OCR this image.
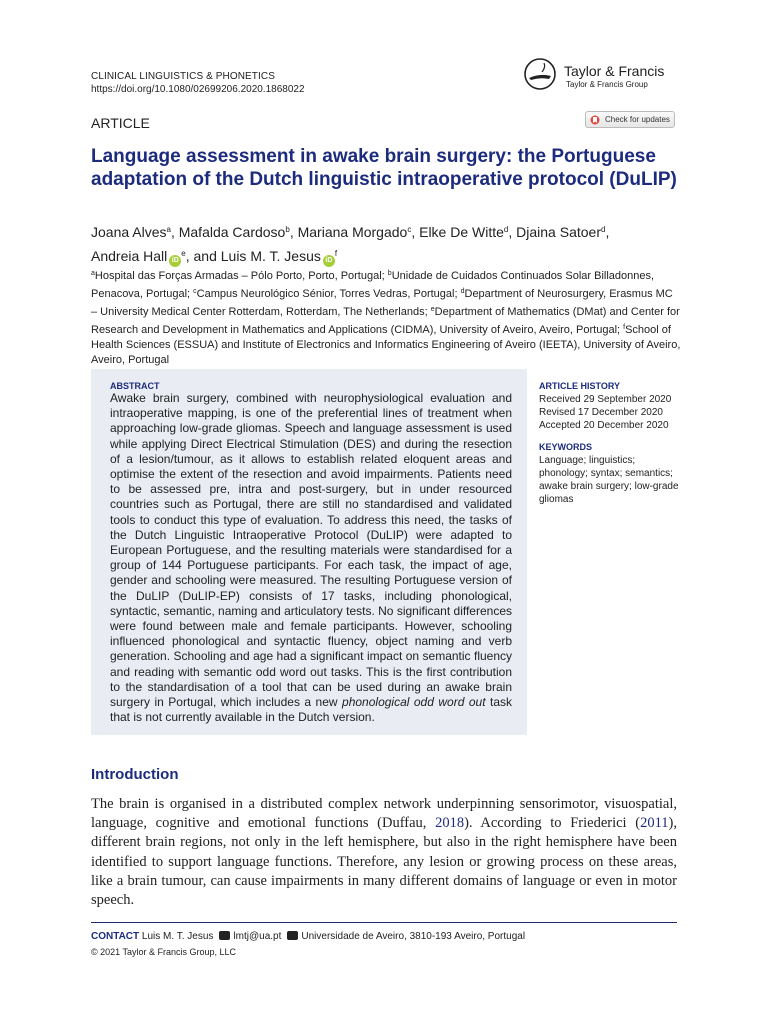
CLINICAL LINGUISTICS & PHONETICS
https://doi.org/10.1080/02699206.2020.1868022
Taylor & Francis
Taylor & Francis Group
ARTICLE	Check for updates
Language assessment in awake brain surgery: the Portuguese adaptation of the Dutch linguistic intraoperative protocol (DuLIP)
Joana Alves$^a$, Mafalda Cardoso$^b$, Mariana Morgado$^c$, Elke De Witte$^d$, Djaina Satoer$^d$,
Andreia Hall $iD^e$, and Luis M. T. Jesus $iD^f$
$^a$Hospital das Forças Armadas – Pólo Porto, Porto, Portugal; $^b$Unidade de Cuidados Continuados Solar Billadonnes, Penacova, Portugal; $^c$Campus Neurológico Sénior, Torres Vedras, Portugal; $^d$Department of Neurosurgery, Erasmus MC – University Medical Center Rotterdam, Rotterdam, The Netherlands; $^e$Department of Mathematics (DMat) and Center for Research and Development in Mathematics and Applications (CIDMA), University of Aveiro, Aveiro, Portugal; $^f$School of Health Sciences (ESSUA) and Institute of Electronics and Informatics Engineering of Aveiro (IEETA), University of Aveiro, Aveiro, Portugal
ABSTRACT
Awake brain surgery, combined with neurophysiological evaluation and intraoperative mapping, is one of the preferential lines of treatment when approaching low-grade gliomas. Speech and language assessment is used while applying Direct Electrical Stimulation (DES) and during the resection of a lesion/tumour, as it allows to establish related eloquent areas and optimise the extent of the resection and avoid impairments. Patients need to be assessed pre, intra and post-surgery, but in under resourced countries such as Portugal, there are still no standardised and validated tools to conduct this type of evaluation. To address this need, the tasks of the Dutch Linguistic Intraoperative Protocol (DuLIP) were adapted to European Portuguese, and the resulting materials were standardised for a group of 144 Portuguese participants. For each task, the impact of age, gender and schooling were measured. The resulting Portuguese version of the DuLIP (DuLIP-EP) consists of 17 tasks, including phonological, syntactic, semantic, naming and articulatory tests. No significant differences were found between male and female participants. However, schooling influenced phonological and syntactic fluency, object naming and verb generation. Schooling and age had a significant impact on semantic fluency and reading with semantic odd word out tasks. This is the first contribution to the standardisation of a tool that can be used during an awake brain surgery in Portugal, which includes a new phonological odd word out task that is not currently available in the Dutch version.
ARTICLE HISTORY
Received 29 September 2020
Revised 17 December 2020
Accepted 20 December 2020
KEYWORDS
Language; linguistics; phonology; syntax; semantics; awake brain surgery; low-grade gliomas
Introduction
The brain is organised in a distributed complex network underpinning sensorimotor, visuospatial, language, cognitive and emotional functions (Duffau, 2018). According to Friederici (2011), different brain regions, not only in the left hemisphere, but also in the right hemisphere have been identified to support language functions. Therefore, any lesion or growing process on these areas, like a brain tumour, can cause impairments in many different domains of language or even in motor speech.
CONTACT Luis M. T. Jesus lmtj@ua.pt Universidade de Aveiro, 3810-193 Aveiro, Portugal
© 2021 Taylor & Francis Group, LLC
